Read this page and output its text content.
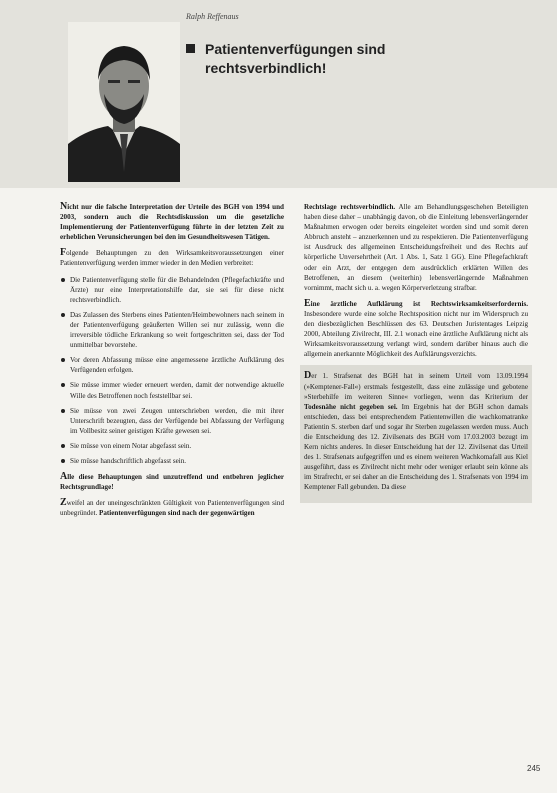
Ralph Reffenaus
Patientenverfügungen sind
rechtsverbindlich!

Nicht nur die falsche Interpretation der Urteile des BGH von 1994 und 2003, sondern auch die Rechtsdiskussion um die gesetzliche Implementierung der Patientenverfügung führte in der letzten Zeit zu erheblichen Verunsicherungen bei den im Gesundheitswesen Tätigen.

Folgende Behauptungen zu den Wirksamkeitsvoraussetzungen einer Patientenverfügung werden immer wieder in den Medien verbreitet:

Die Patientenverfügung stelle für die Behandelnden (Pflegefachkräfte und Ärzte) nur eine Interpretationshilfe dar, sie sei für diese nicht rechtsverbindlich.
Das Zulassen des Sterbens eines Patienten/Heimbewohners nach seinem in der Patientenverfügung geäußerten Willen sei nur zulässig, wenn die irreversible tödliche Erkrankung so weit fortgeschritten sei, dass der Tod unmittelbar bevorstehe.
Vor deren Abfassung müsse eine angemessene ärztliche Aufklärung des Verfügenden erfolgen.
Sie müsse immer wieder erneuert werden, damit der notwendige aktuelle Wille des Betroffenen noch feststellbar sei.
Sie müsse von zwei Zeugen unterschrieben werden, die mit ihrer Unterschrift bezeugten, dass der Verfügende bei Abfassung der Verfügung im Vollbesitz seiner geistigen Kräfte gewesen sei.
Sie müsse von einem Notar abgefasst sein.
Sie müsse handschriftlich abgefasst sein.

Alle diese Behauptungen sind unzutreffend und entbehren jeglicher Rechtsgrundlage!

Zweifel an der uneingeschränkten Gültigkeit von Patientenverfügungen sind unbegründet. Patientenverfügungen sind nach der gegenwärtigen

Rechtslage rechtsverbindlich. Alle am Behandlungsgeschehen Beteiligten haben diese daher – unabhängig davon, ob die Einleitung lebensverlängernder Maßnahmen erwogen oder bereits eingeleitet worden sind und somit deren Abbruch ansteht – anzuerkennen und zu respektieren. Die Patientenverfügung ist Ausdruck des allgemeinen Entscheidungsfreiheit und des Rechts auf körperliche Unversehrtheit (Art. 1 Abs. 1, Satz 1 GG). Eine Pflegefachkraft oder ein Arzt, der entgegen dem ausdrücklich erklärten Willen des Betroffenen, an diesem (weiterhin) lebensverlängernde Maßnahmen vornimmt, macht sich u. a. wegen Körperverletzung strafbar.

Eine ärztliche Aufklärung ist Rechtswirksamkeitserfordernis. Insbesondere wurde eine solche Rechtsposition nicht nur im Widerspruch zu den diesbezüglichen Beschlüssen des 63. Deutschen Juristentages Leipzig 2000, Abteilung Zivilrecht, III. 2.1 wonach eine ärztliche Aufklärung nicht als Wirksamkeitsvoraussetzung verlangt wird, sondern darüber hinaus auch die allgemein anerkannte Möglichkeit des Aufklärungsverzichts.

Der 1. Strafsenat des BGH hat in seinem Urteil vom 13.09.1994 (»Kemptener-Fall«) erstmals festgestellt, dass eine zulässige und gebotene »Sterbehilfe im weiteren Sinne« vorliegen, wenn das Kriterium der Todesnähe nicht gegeben sei. Im Ergebnis hat der BGH schon damals entschieden, dass bei entsprechendem Patientenwillen die wachkomatranke Patientin S. sterben darf und sogar ihr Sterben zugelassen werden muss. Auch die Entscheidung des 12. Zivilsenats des BGH vom 17.03.2003 bezugt im Kern nichts anderes. In dieser Entscheidung hat der 12. Zivilsenat das Urteil des 1. Strafsenats aufgegriffen und es einem weiteren Wachkomafall aus Kiel ausgeführt, dass es Zivilrecht nicht mehr oder weniger erlaubt sein könne als im Strafrecht, er sei daher an die Entscheidung des 1. Strafsenats von 1994 im Kemptener Fall gebunden. Da diese

245
